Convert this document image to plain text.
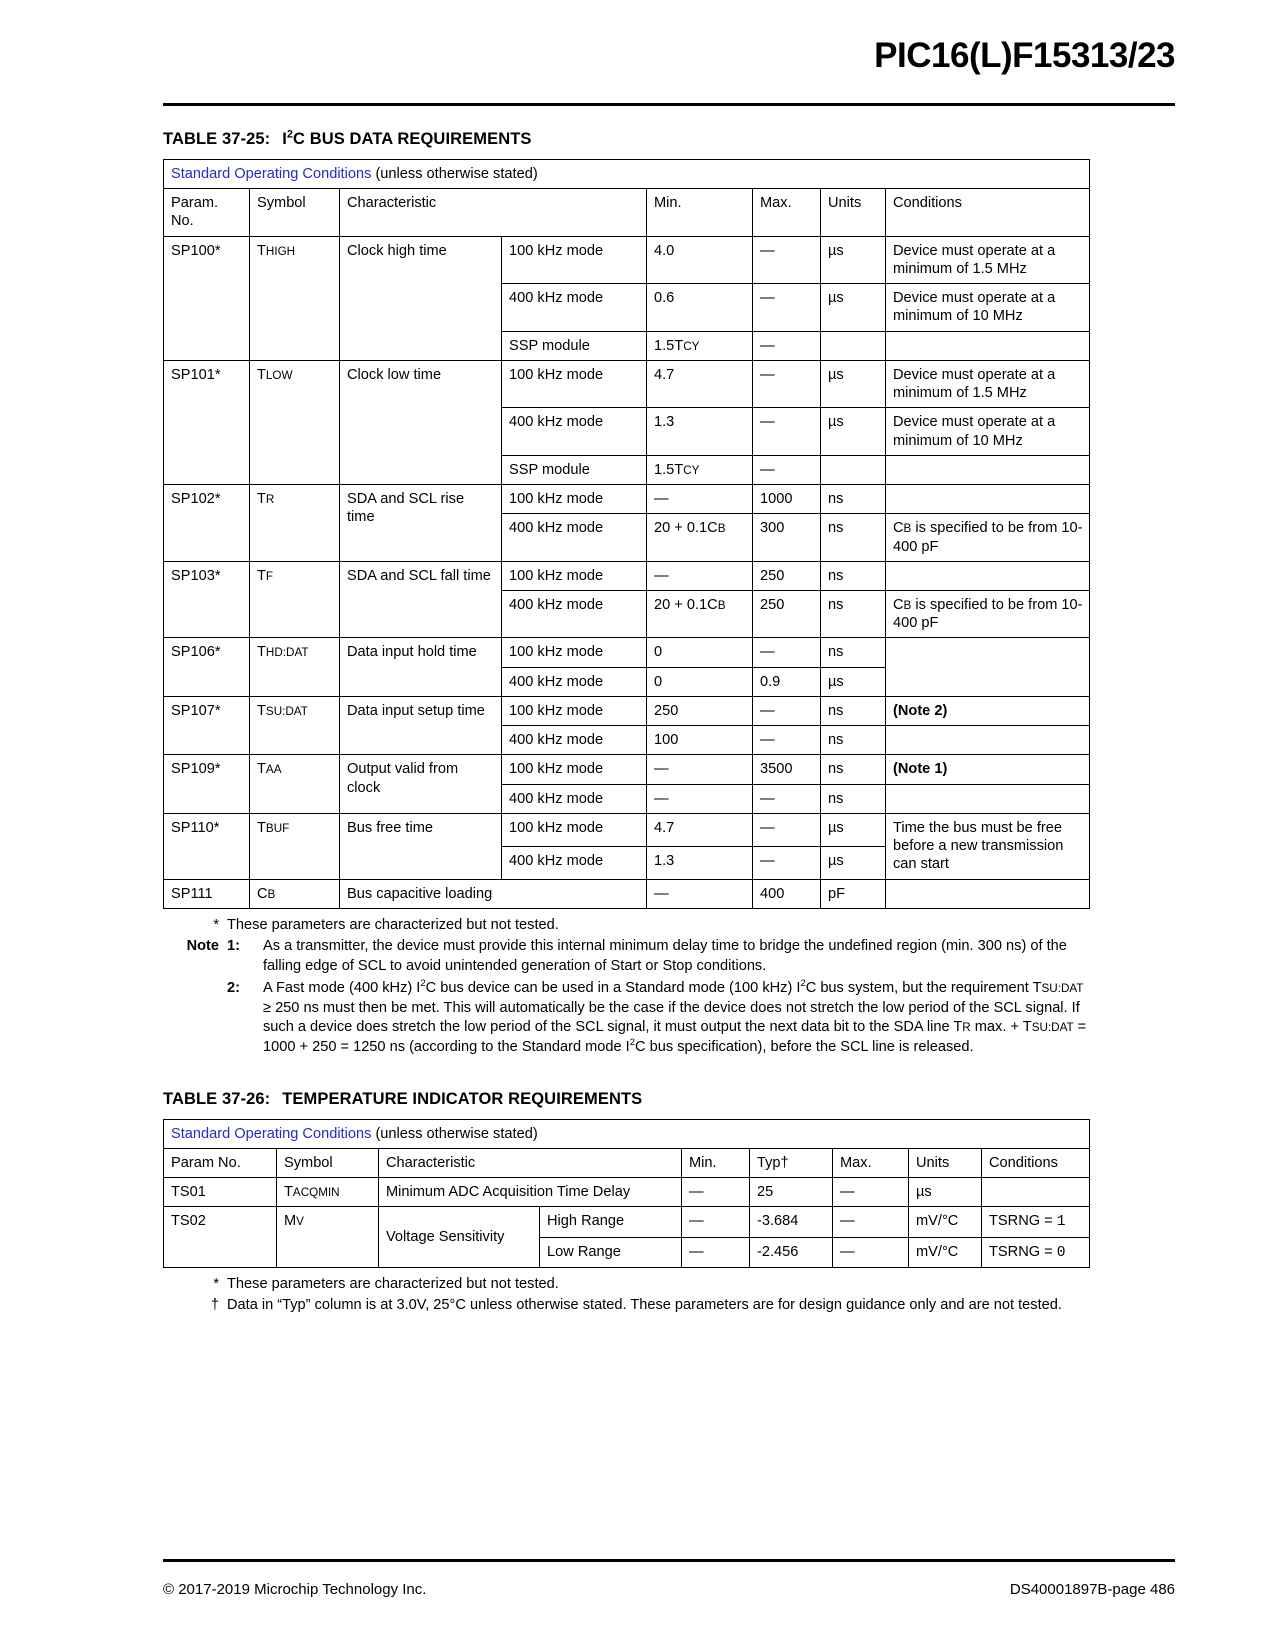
PIC16(L)F15313/23
TABLE 37-25: $I^2C$ BUS DATA REQUIREMENTS
Standard Operating Conditions (unless otherwise stated)							
Param. No.	Symbol	Characteristic		Min.	Max.	Units	Conditions
SP100*	THIGH	Clock high time	100 kHz mode	4.0	—	µs	Device must operate at a minimum of 1.5 MHz
			400 kHz mode	0.6	—	µs	Device must operate at a minimum of 10 MHz
			SSP module	1.5TCY	—		
SP101*	TLOW	Clock low time	100 kHz mode	4.7	—	µs	Device must operate at a minimum of 1.5 MHz
			400 kHz mode	1.3	—	µs	Device must operate at a minimum of 10 MHz
			SSP module	1.5TCY	—		
SP102*	TR	SDA and SCL rise time	100 kHz mode	—	1000	ns	
			400 kHz mode	20 + 0.1CB	300	ns	CB is specified to be from 10-400 pF
SP103*	TF	SDA and SCL fall time	100 kHz mode	—	250	ns	
			400 kHz mode	20 + 0.1CB	250	ns	CB is specified to be from 10-400 pF
SP106*	THD:DAT	Data input hold time	100 kHz mode	0	—	ns	
			400 kHz mode	0	0.9	µs	
SP107*	TSU:DAT	Data input setup time	100 kHz mode	250	—	ns	(Note 2)
			400 kHz mode	100	—	ns	
SP109*	TAA	Output valid from clock	100 kHz mode	—	3500	ns	(Note 1)
			400 kHz mode	—	—	ns	
SP110*	TBUF	Bus free time	100 kHz mode	4.7	—	µs	Time the bus must be free before a new transmission can start
			400 kHz mode	1.3	—	µs	
SP111	CB	Bus capacitive loading		—	400	pF	
* These parameters are characterized but not tested.
Note 1:	As a transmitter, the device must provide this internal minimum delay time to bridge the undefined region (min. 300 ns) of the falling edge of SCL to avoid unintended generation of Start or Stop conditions.
2:	A Fast mode (400 kHz) $I^2C$ bus device can be used in a Standard mode (100 kHz) $I^2C$ bus system, but the requirement TSU:DAT ≥ 250 ns must then be met. This will automatically be the case if the device does not stretch the low period of the SCL signal. If such a device does stretch the low period of the SCL signal, it must output the next data bit to the SDA line TR max. + TSU:DAT = 1000 + 250 = 1250 ns (according to the Standard mode $I^2C$ bus specification), before the SCL line is released.
TABLE 37-26: TEMPERATURE INDICATOR REQUIREMENTS
Standard Operating Conditions (unless otherwise stated)								
Param No.	Symbol	Characteristic		Min.	Typ†	Max.	Units	Conditions
TS01	TACQMIN	Minimum ADC Acquisition Time Delay		—	25	—	µs	
TS02	MV	Voltage Sensitivity	High Range	—	-3.684	—	mV/°C	TSRNG = 1
			Low Range	—	-2.456	—	mV/°C	TSRNG = 0
* These parameters are characterized but not tested.
† Data in “Typ” column is at 3.0V, 25°C unless otherwise stated. These parameters are for design guidance only and are not tested.
© 2017-2019 Microchip Technology Inc.	DS40001897B-page 486
